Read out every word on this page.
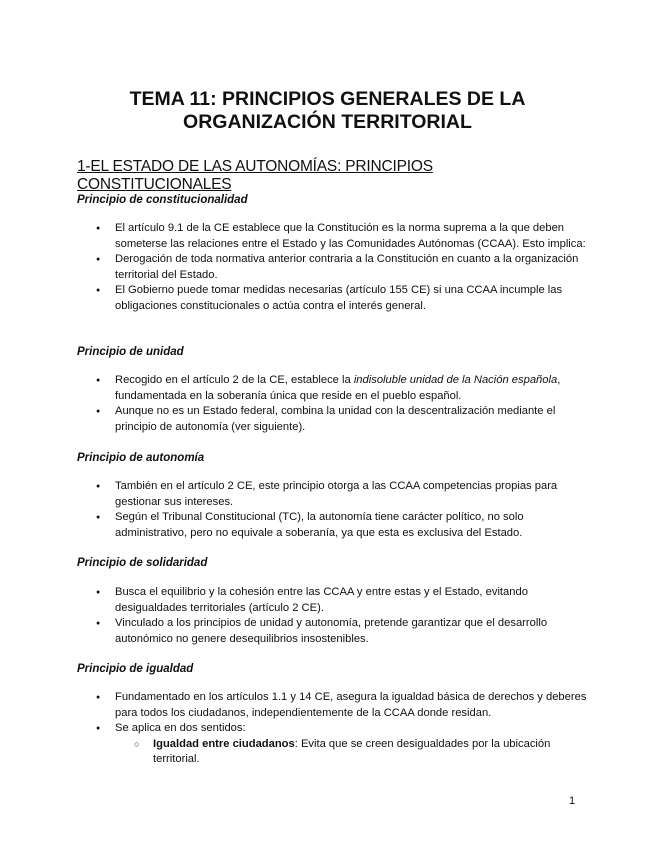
TEMA 11: PRINCIPIOS GENERALES DE LA
ORGANIZACIÓN TERRITORIAL
1-EL ESTADO DE LAS AUTONOMÍAS: PRINCIPIOS CONSTITUCIONALES
Principio de constitucionalidad
● El artículo 9.1 de la CE establece que la Constitución es la norma suprema a la que deben someterse las relaciones entre el Estado y las Comunidades Autónomas (CCAA). Esto implica:
● Derogación de toda normativa anterior contraria a la Constitución en cuanto a la organización territorial del Estado.
● El Gobierno puede tomar medidas necesarias (artículo 155 CE) si una CCAA incumple las obligaciones constitucionales o actúa contra el interés general.
Principio de unidad
● Recogido en el artículo 2 de la CE, establece la indisoluble unidad de la Nación española, fundamentada en la soberanía única que reside en el pueblo español.
● Aunque no es un Estado federal, combina la unidad con la descentralización mediante el principio de autonomía (ver siguiente).
Principio de autonomía
● También en el artículo 2 CE, este principio otorga a las CCAA competencias propias para gestionar sus intereses.
● Según el Tribunal Constitucional (TC), la autonomía tiene carácter político, no solo administrativo, pero no equivale a soberanía, ya que esta es exclusiva del Estado.
Principio de solidaridad
● Busca el equilibrio y la cohesión entre las CCAA y entre estas y el Estado, evitando desigualdades territoriales (artículo 2 CE).
● Vinculado a los principios de unidad y autonomía, pretende garantizar que el desarrollo autonómico no genere desequilibrios insostenibles.
Principio de igualdad
● Fundamentado en los artículos 1.1 y 14 CE, asegura la igualdad básica de derechos y deberes para todos los ciudadanos, independientemente de la CCAA donde residan.
● Se aplica en dos sentidos:
○ Igualdad entre ciudadanos: Evita que se creen desigualdades por la ubicación territorial.
1
